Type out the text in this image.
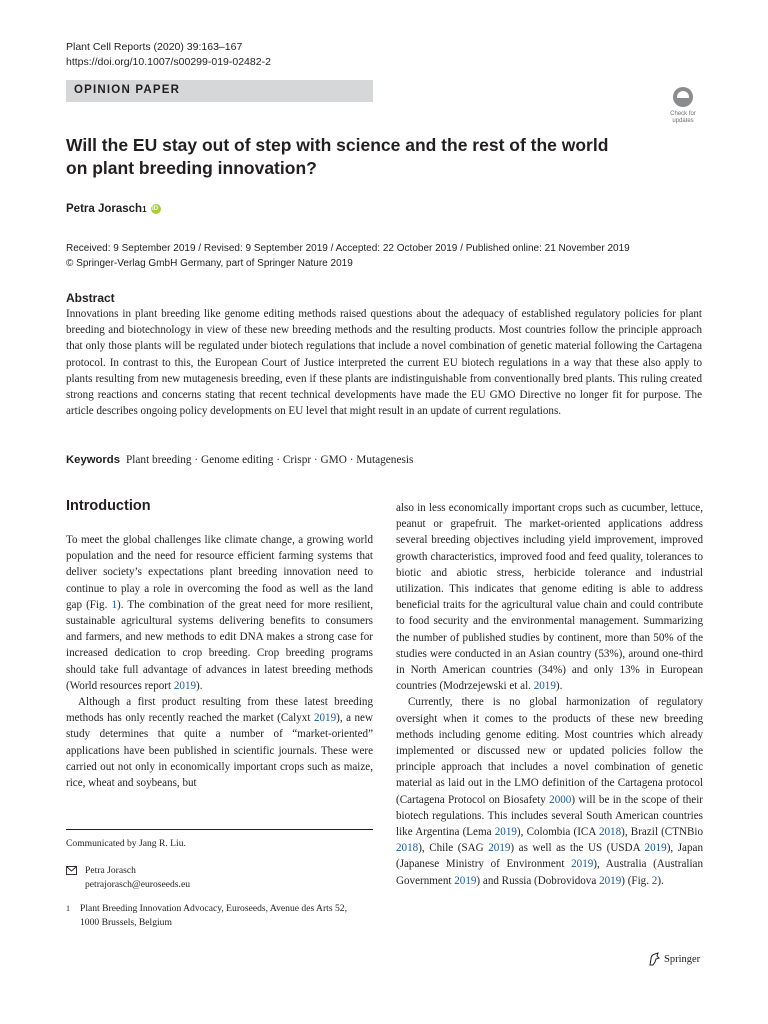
Plant Cell Reports (2020) 39:163–167
https://doi.org/10.1007/s00299-019-02482-2
OPINION PAPER
Check for
updates
Will the EU stay out of step with science and the rest of the world on plant breeding innovation?
Petra Jorasch 1
iD
Received: 9 September 2019 / Revised: 9 September 2019 / Accepted: 22 October 2019 / Published online: 21 November 2019
© Springer-Verlag GmbH Germany, part of Springer Nature 2019
Abstract
Innovations in plant breeding like genome editing methods raised questions about the adequacy of established regulatory policies for plant breeding and biotechnology in view of these new breeding methods and the resulting products. Most countries follow the principle approach that only those plants will be regulated under biotech regulations that include a novel combination of genetic material following the Cartagena protocol. In contrast to this, the European Court of Justice interpreted the current EU biotech regulations in a way that these also apply to plants resulting from new mutagenesis breeding, even if these plants are indistinguishable from conventionally bred plants. This ruling created strong reactions and concerns stating that recent technical developments have made the EU GMO Directive no longer fit for purpose. The article describes ongoing policy developments on EU level that might result in an update of current regulations.
Keywords Plant breeding · Genome editing · Crispr · GMO · Mutagenesis
Introduction

To meet the global challenges like climate change, a growing world population and the need for resource efficient farming systems that deliver society’s expectations plant breeding innovation need to continue to play a role in overcoming the food as well as the land gap (Fig. 1). The combination of the great need for more resilient, sustainable agricultural systems delivering benefits to consumers and farmers, and new methods to edit DNA makes a strong case for increased dedication to crop breeding. Crop breeding programs should take full advantage of advances in latest breeding methods (World resources report 2019).

Although a first product resulting from these latest breeding methods has only recently reached the market (Calyxt 2019), a new study determines that quite a number of “market-oriented” applications have been published in scientific journals. These were carried out not only in economically important crops such as maize, rice, wheat and soybeans, but

also in less economically important crops such as cucumber, lettuce, peanut or grapefruit. The market-oriented applications address several breeding objectives including yield improvement, improved growth characteristics, improved food and feed quality, tolerances to biotic and abiotic stress, herbicide tolerance and industrial utilization. This indicates that genome editing is able to address beneficial traits for the agricultural value chain and could contribute to food security and the environmental management. Summarizing the number of published studies by continent, more than 50% of the studies were conducted in an Asian country (53%), around one-third in North American countries (34%) and only 13% in European countries (Modrzejewski et al. 2019).

Currently, there is no global harmonization of regulatory oversight when it comes to the products of these new breeding methods including genome editing. Most countries which already implemented or discussed new or updated policies follow the principle approach that includes a novel combination of genetic material as laid out in the LMO definition of the Cartagena protocol (Cartagena Protocol on Biosafety 2000) will be in the scope of their biotech regulations. This includes several South American countries like Argentina (Lema 2019), Colombia (ICA 2018), Brazil (CTNBio 2018), Chile (SAG 2019) as well as the US (USDA 2019), Japan (Japanese Ministry of Environment 2019), Australia (Australian Government 2019) and Russia (Dobrovidova 2019) (Fig. 2).

Communicated by Jang R. Liu.
Petra Jorasch
petrajorasch@euroseeds.eu
1 Plant Breeding Innovation Advocacy, Euroseeds, Avenue des Arts 52, 1000 Brussels, Belgium
Springer
